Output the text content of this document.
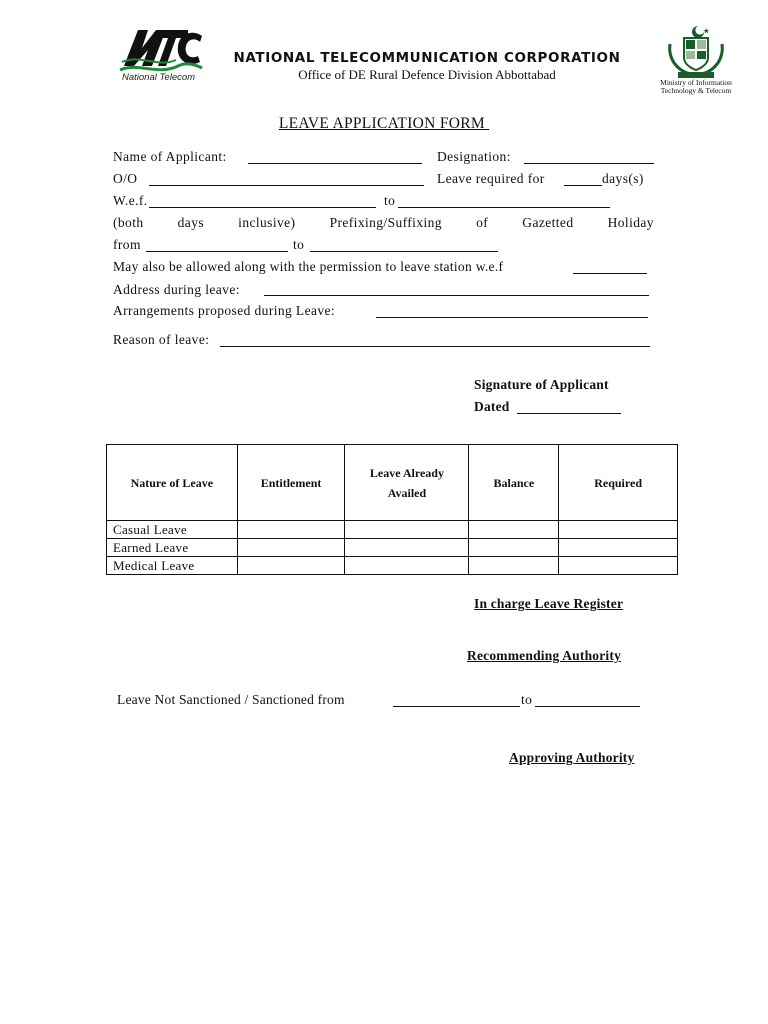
National Telecom
NATIONAL TELECOMMUNICATION CORPORATION
Office of DE Rural Defence Division Abbottabad
Ministry of Information
Technology & Telecom
LEAVE APPLICATION FORM
Name of Applicant:	Designation:
O/O	Leave required for	days(s)
W.e.f.	to
(both	days	inclusive)	Prefixing/Suffixing	of	Gazetted	Holiday
from	to
May also be allowed along with the permission to leave station w.e.f
Address during leave:
Arrangements proposed during Leave:
Reason of leave:
Signature of Applicant
Dated
Nature of Leave	Entitlement	Leave Already Availed	Balance	Required
Casual Leave				
Earned Leave				
Medical Leave				
In charge Leave Register
Recommending Authority
Leave Not Sanctioned / Sanctioned from	to
Approving Authority
